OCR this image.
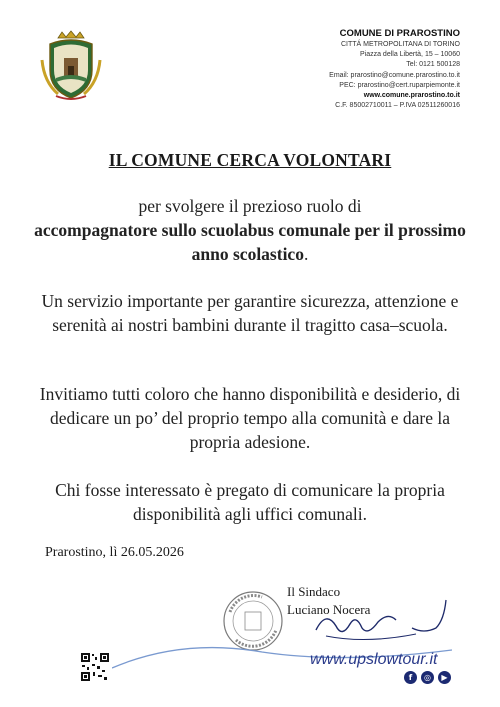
COMUNE DI PRAROSTINO
CITTÁ METROPOLITANA DI TORINO
Piazza della Libertà, 15 – 10060
Tel: 0121 500128
Email: prarostino@comune.prarostino.to.it
PEC: prarostino@cert.ruparpiemonte.it
www.comune.prarostino.to.it
C.F. 85002710011 – P.IVA 02511260016
IL COMUNE CERCA VOLONTARI
per svolgere il prezioso ruolo di
accompagnatore sullo scuolabus comunale per il prossimo anno scolastico.
Un servizio importante per garantire sicurezza, attenzione e serenità ai nostri bambini durante il tragitto casa–scuola.
Invitiamo tutti coloro che hanno disponibilità e desiderio, di dedicare un po’ del proprio tempo alla comunità e dare la propria adesione.
Chi fosse interessato è pregato di comunicare la propria disponibilità agli uffici comunali.
Prarostino, lì 26.05.2026
Il Sindaco
Luciano Nocera
www.upslowtour.it
f	◎	▶
